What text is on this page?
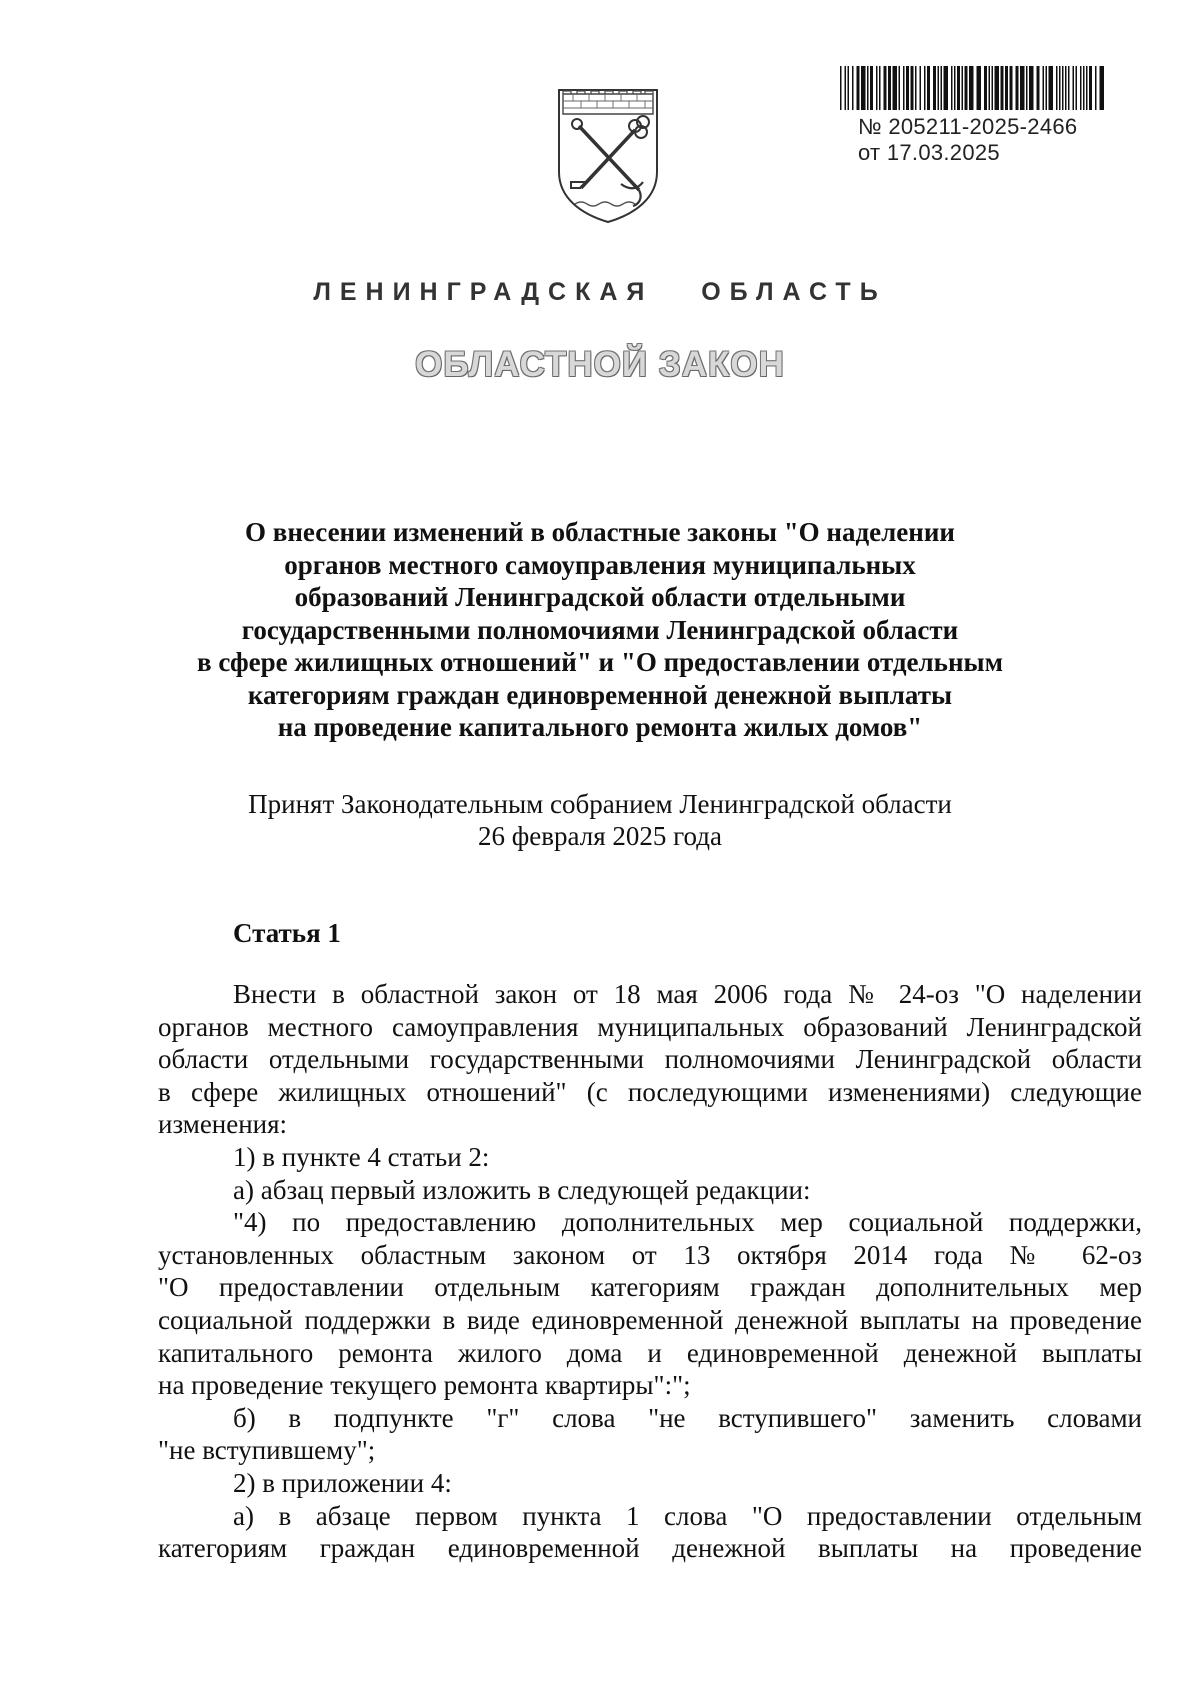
№ 205211-2025-2466
от 17.03.2025
ЛЕНИНГРАДСКАЯ   ОБЛАСТЬ
ОБЛАСТНОЙ ЗАКОН
О внесении изменений в областные законы "О наделении
органов местного самоуправления муниципальных
образований Ленинградской области отдельными
государственными полномочиями Ленинградской области
в сфере жилищных отношений" и "О предоставлении отдельным
категориям граждан единовременной денежной выплаты
на проведение капитального ремонта жилых домов"
Принят Законодательным собранием Ленинградской области
26 февраля 2025 года
Статья 1
Внести в областной закон от 18 мая 2006 года № 24-оз "О наделении
органов местного самоуправления муниципальных образований Ленинградской
области отдельными государственными полномочиями Ленинградской области
в сфере жилищных отношений" (с последующими изменениями) следующие
изменения:
1) в пункте 4 статьи 2:
а) абзац первый изложить в следующей редакции:
"4) по предоставлению дополнительных мер социальной поддержки,
установленных областным законом от 13 октября 2014 года № 62-оз
"О предоставлении отдельным категориям граждан дополнительных мер
социальной поддержки в виде единовременной денежной выплаты на проведение
капитального ремонта жилого дома и единовременной денежной выплаты
на проведение текущего ремонта квартиры":";
б) в подпункте "г" слова "не вступившего" заменить словами
"не вступившему";
2) в приложении 4:
а) в абзаце первом пункта 1 слова "О предоставлении отдельным
категориям граждан единовременной денежной выплаты на проведение
